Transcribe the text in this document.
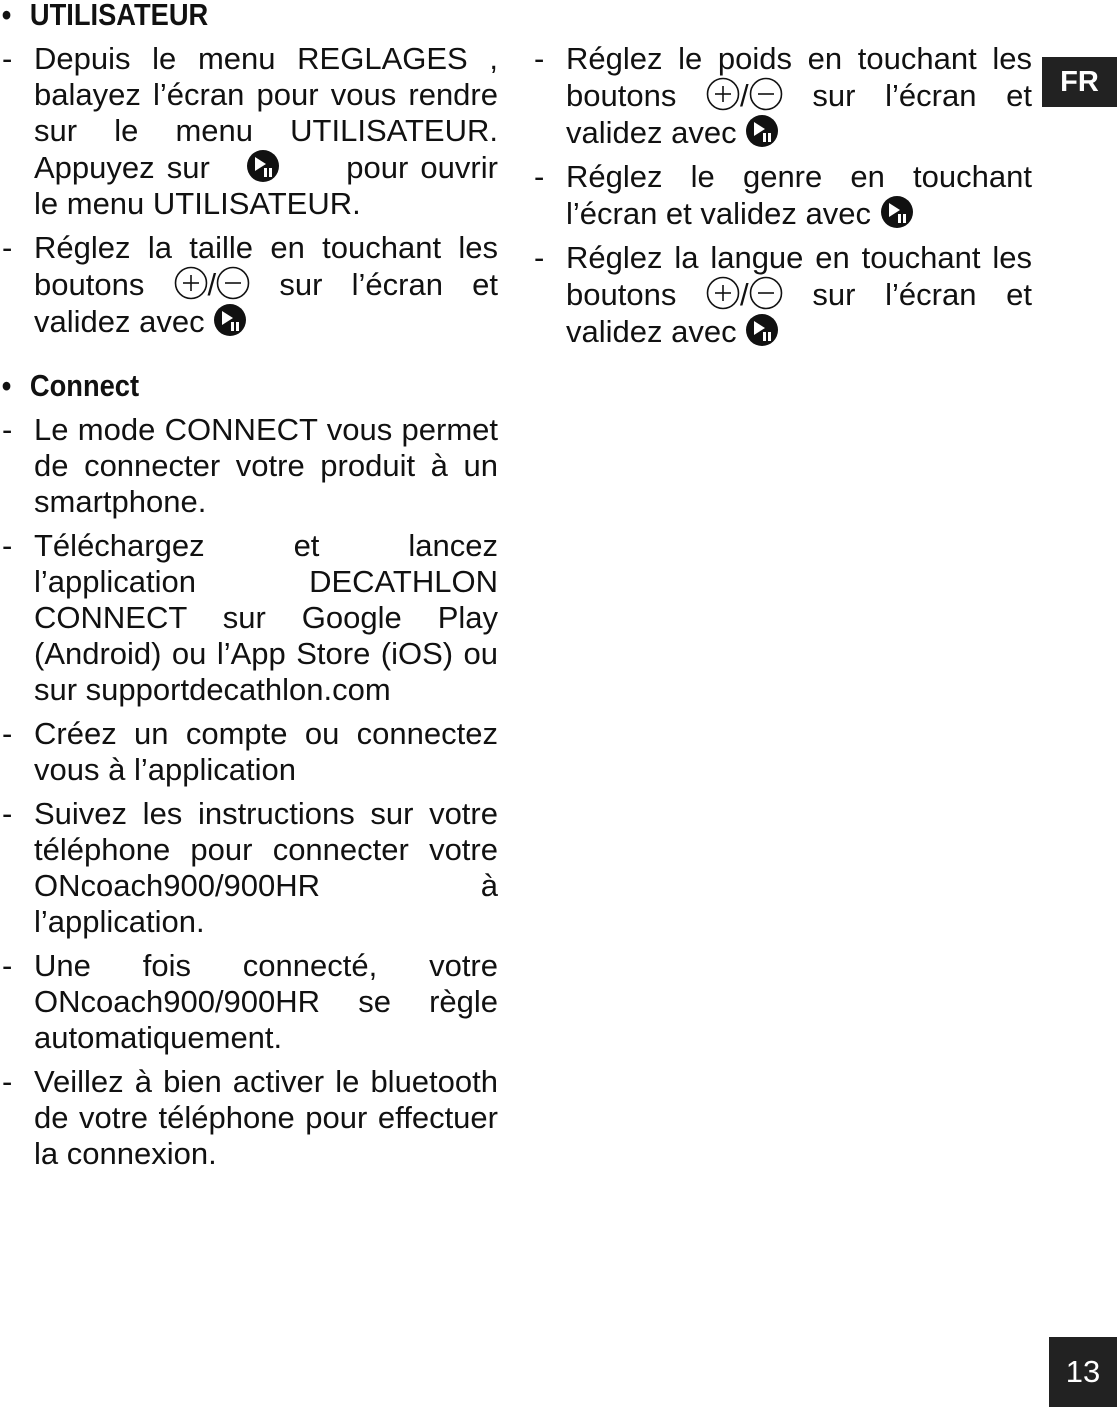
• UTILISATEUR
- Depuis le menu REGLAGES , balayez l’écran pour vous rendre sur le menu UTILISATEUR. Appuyez sur	pour ouvrir le menu UTILISATEUR.
- Réglez la taille en touchant les boutons / sur l’écran et validez avec
• Connect
- Le mode CONNECT vous permet de connecter votre produit à un smartphone.
- Téléchargez et lancez l’application DECATHLON CONNECT sur Google Play (Android) ou l’App Store (iOS) ou sur supportdecathlon.com
- Créez un compte ou connectez vous à l’application
- Suivez les instructions sur votre téléphone pour connecter votre ONcoach900/900HR à l’application.
- Une fois connecté, votre ONcoach900/900HR se règle automatiquement.
- Veillez à bien activer le bluetooth de votre téléphone pour effectuer la connexion.
- Réglez le poids en touchant les boutons / sur l’écran et validez avec
- Réglez le genre en touchant l’écran et validez avec
- Réglez la langue en touchant les boutons / sur l’écran et validez avec
FR
13
